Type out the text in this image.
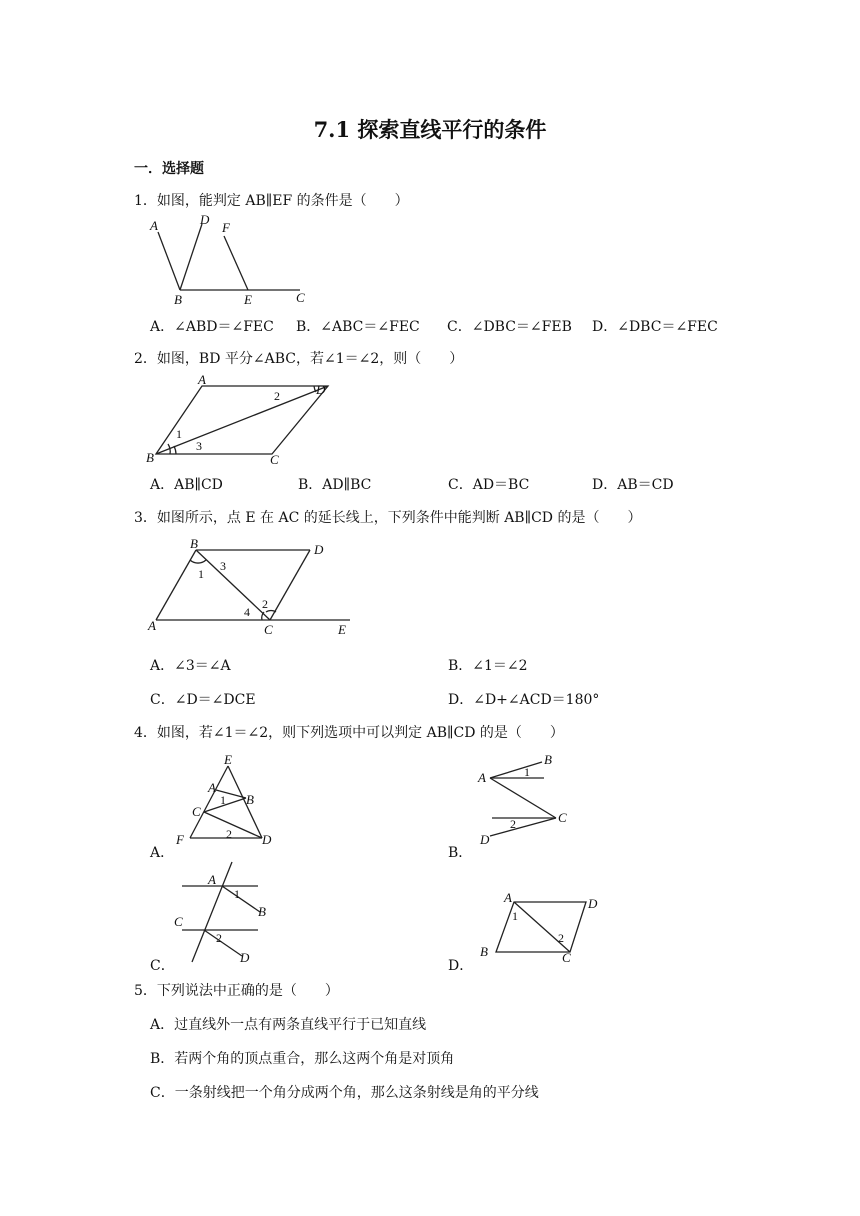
7.1 探索直线平行的条件
一．选择题
1．如图，能判定 AB∥EF 的条件是（　　）
A	D
F
B	E	C
A．∠ABD＝∠FEC B．∠ABC＝∠FEC C．∠DBC＝∠FEB D．∠DBC＝∠FEC
2．如图，BD 平分∠ABC，若∠1＝∠2，则（　　）
A
D
B	C
1
2
3
A．AB∥CD	B．AD∥BC	C．AD＝BC	D．AB＝CD
3．如图所示，点 E 在 AC 的延长线上，下列条件中能判断 AB∥CD 的是（　　）
B	D
A	C	E
1
2
3
4
A．∠3＝∠A	B．∠1＝∠2
C．∠D＝∠DCE	D．∠D+∠ACD＝180°
4．如图，若∠1＝∠2，则下列选项中可以判定 AB∥CD 的是（　　）
A．
E
A
B
C
F	D
1
2
B．
A
B
C
D
1
2
C．
A
B
C
D
1
2
D．
A	D
B	C
1
2
5．下列说法中正确的是（　　）
A．过直线外一点有两条直线平行于已知直线
B．若两个角的顶点重合，那么这两个角是对顶角
C．一条射线把一个角分成两个角，那么这条射线是角的平分线
